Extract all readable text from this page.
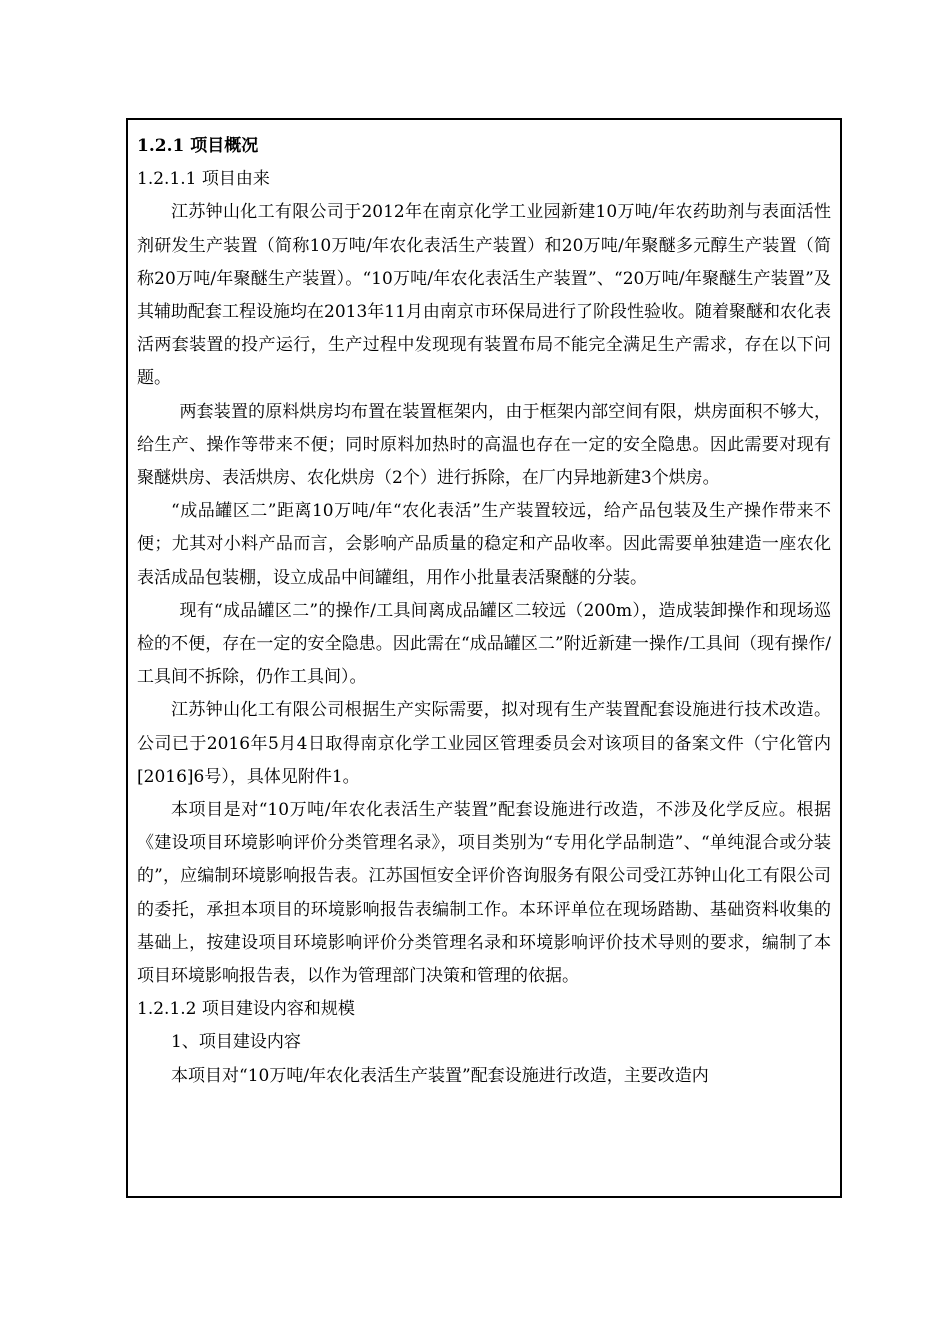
1.2.1 项目概况

1.2.1.1 项目由来

江苏钟山化工有限公司于2012年在南京化学工业园新建10万吨/年农药助剂与表面活性剂研发生产装置（简称10万吨/年农化表活生产装置）和20万吨/年聚醚多元醇生产装置（简称20万吨/年聚醚生产装置）。“10万吨/年农化表活生产装置”、“20万吨/年聚醚生产装置”及其辅助配套工程设施均在2013年11月由南京市环保局进行了阶段性验收。随着聚醚和农化表活两套装置的投产运行，生产过程中发现现有装置布局不能完全满足生产需求，存在以下问题。

两套装置的原料烘房均布置在装置框架内，由于框架内部空间有限，烘房面积不够大，给生产、操作等带来不便；同时原料加热时的高温也存在一定的安全隐患。因此需要对现有聚醚烘房、表活烘房、农化烘房（2个）进行拆除，在厂内异地新建3个烘房。

“成品罐区二”距离10万吨/年“农化表活”生产装置较远，给产品包装及生产操作带来不便；尤其对小料产品而言，会影响产品质量的稳定和产品收率。因此需要单独建造一座农化表活成品包装棚，设立成品中间罐组，用作小批量表活聚醚的分装。

现有“成品罐区二”的操作/工具间离成品罐区二较远（200m），造成装卸操作和现场巡检的不便，存在一定的安全隐患。因此需在“成品罐区二”附近新建一操作/工具间（现有操作/工具间不拆除，仍作工具间）。

江苏钟山化工有限公司根据生产实际需要，拟对现有生产装置配套设施进行技术改造。公司已于2016年5月4日取得南京化学工业园区管理委员会对该项目的备案文件（宁化管内[2016]6号），具体见附件1。

本项目是对“10万吨/年农化表活生产装置”配套设施进行改造，不涉及化学反应。根据《建设项目环境影响评价分类管理名录》，项目类别为“专用化学品制造”、“单纯混合或分装的”，应编制环境影响报告表。江苏国恒安全评价咨询服务有限公司受江苏钟山化工有限公司的委托，承担本项目的环境影响报告表编制工作。本环评单位在现场踏勘、基础资料收集的基础上，按建设项目环境影响评价分类管理名录和环境影响评价技术导则的要求，编制了本项目环境影响报告表，以作为管理部门决策和管理的依据。

1.2.1.2 项目建设内容和规模

1、项目建设内容

本项目对“10万吨/年农化表活生产装置”配套设施进行改造，主要改造内
